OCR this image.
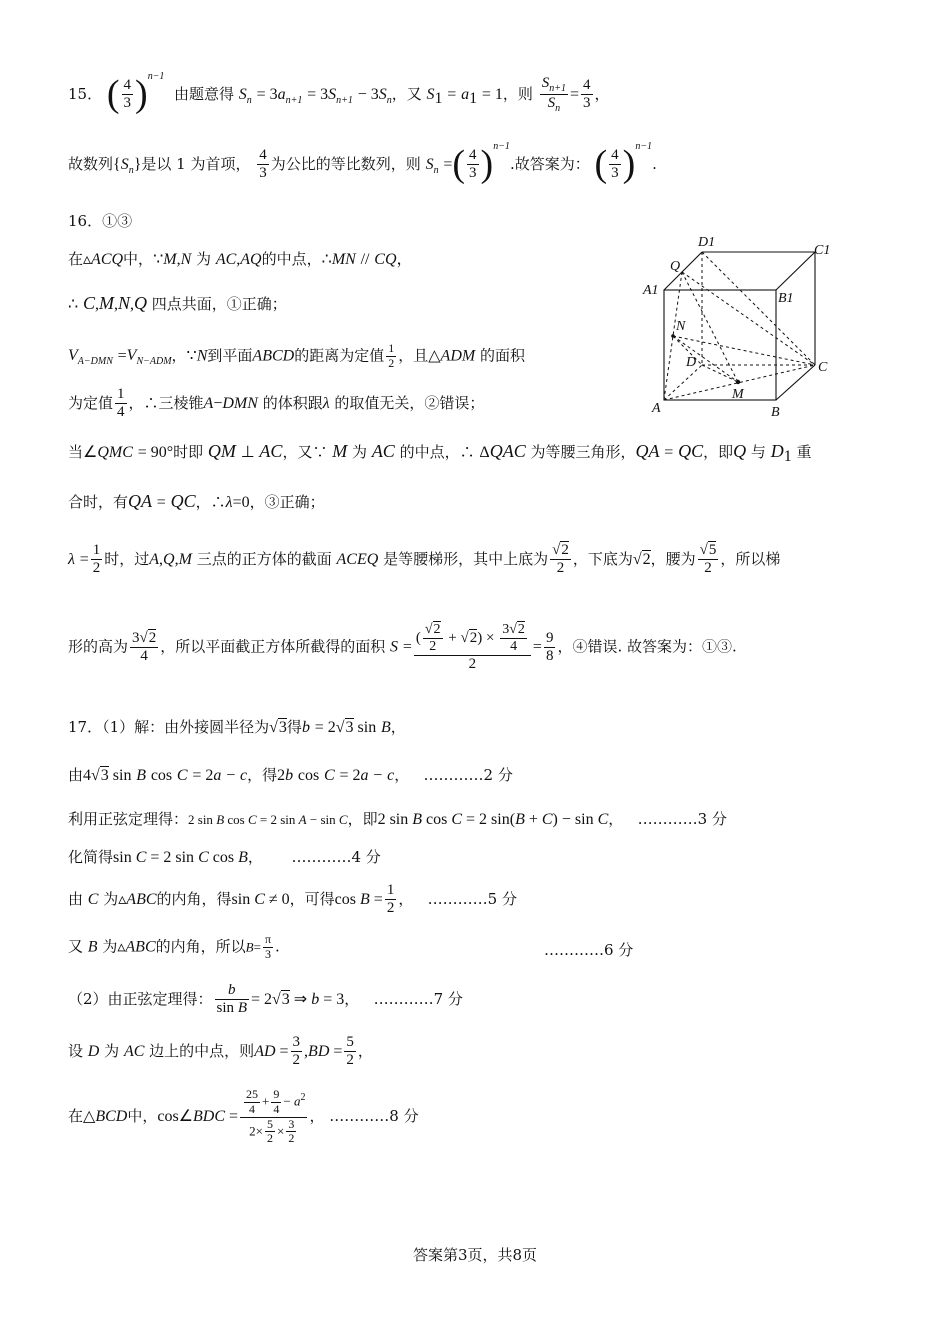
15． ( $\frac{4}{3} )^{n-1}$  由题意得 $S_n = 3a_{n+1} = 3S_{n+1} - 3S_n$，又 $S_1 = a_1 = 1$，则 $\frac{S_{n+1}}{S_n} = \frac{4}{3}$ ，
故数列$\{S_n\}$是以 1 为首项， $\frac{4}{3}$ 为公比的等比数列，则 $S_n$ =( $\frac{4}{3} )^{n-1}$.故答案为： ( $\frac{4}{3} )^{n-1}$.
16．①③
在▵ACQ中，∵M,N 为 AC,AQ的中点，∴MN // CQ，
∴ C,M,N,Q 四点共面，①正确；
$V_{A-DMN} =V_{N-ADM}$，∵N到平面ABCD的距离为定值 $\frac{1}{2}$ ，且△ADM 的面积
为定值 $\frac{1}{4}$ ，∴三棱锥A−DMN 的体积跟λ 的取值无关，②错误；
当∠QMC = 90°时即 QM ⊥ AC，又∵ M 为 AC 的中点，∴ ΔQAC 为等腰三角形，QA = QC，即Q 与 $D_1$ 重
合时，有QA = QC，∴λ=0，③正确；
$\lambda = \frac{1}{2}$ 时，过A,Q,M 三点的正方体的截面 ACEQ 是等腰梯形，其中上底为 $\frac{√2}{2}$ ，下底为√2，腰为 $\frac{√5}{2}$ ，所以梯
形的高为 $\frac{3√2}{4}$ ，所以平面截正方体所截得的面积 $S = \frac{( \frac{√2}{2} + √2) \times \frac{3√2}{4}}{2} = \frac{9}{8}$ ，④错误. 故答案为：①③.
D1
C1
Q
A1
B1
N
D	C
M
A	B
17．（1）解：由外接圆半径为√3得b = 2√3 sin B，
由4√3 sin B cos C = 2a − c，得2b cos C = 2a − c， …………2 分
利用正弦定理得：2 sin B cos C = 2 sin A − sin C，即2 sin B cos C = 2 sin(B + C) − sin C， …………3 分
化简得sin C = 2 sin C cos B， …………4 分
由 C 为▵ABC的内角，得sin C ≠ 0，可得$\cos B = \frac{1}{2}$ ， …………5 分
又 B 为▵ABC的内角，所以$B= \frac{\pi}{3}$ .	…………6 分
（2）由正弦定理得： $\frac{b}{\text{sin B}} = 2√3$ ⇒ b = 3， …………7 分
设 D 为 AC 边上的中点，则AD = $\frac{3}{2} ,BD = \frac{5}{2}$ ，
在△BCD中，cos∠BDC = $\frac{\frac{25}{4} + \frac{9}{4} - a^2}{2\times \frac{5}{2} \times \frac{3}{2}}$ ， …………8 分
答案第3页，共8页
